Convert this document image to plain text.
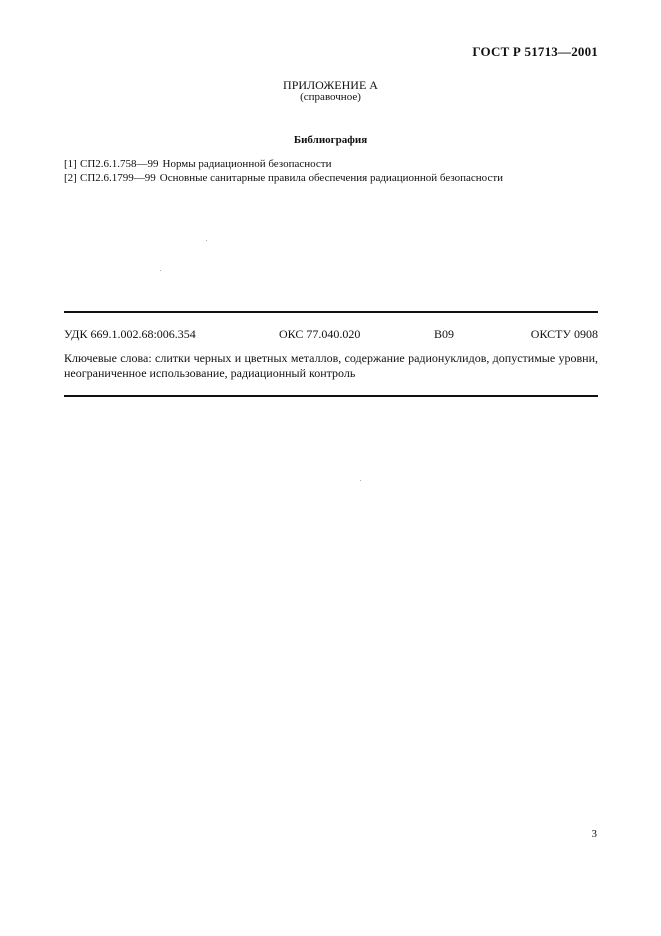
ГОСТ Р 51713—2001
ПРИЛОЖЕНИЕ А
(справочное)
Библиография
[1] СП2.6.1.758—99 Нормы радиационной безопасности
[2] СП2.6.1799—99 Основные санитарные правила обеспечения радиационной безопасности
УДК 669.1.002.68:006.354	ОКС 77.040.020	В09	ОКСТУ 0908
Ключевые слова: слитки черных и цветных металлов, содержание радионуклидов, допустимые уровни, неограниченное использование, радиационный контроль
3
